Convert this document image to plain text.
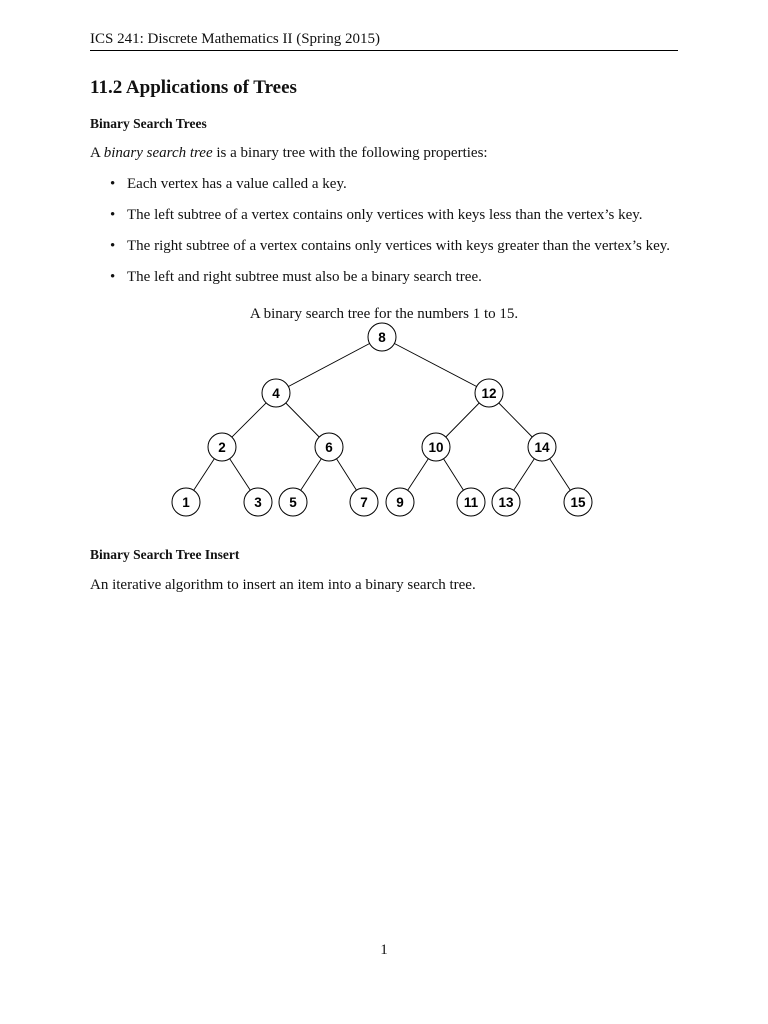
ICS 241: Discrete Mathematics II (Spring 2015)
11.2 Applications of Trees
Binary Search Trees

A binary search tree is a binary tree with the following properties:

• Each vertex has a value called a key.
• The left subtree of a vertex contains only vertices with keys less than the vertex’s key.
• The right subtree of a vertex contains only vertices with keys greater than the vertex’s key.
• The left and right subtree must also be a binary search tree.

A binary search tree for the numbers 1 to 15.

8
4	12
2	6	10	14
1	3 5	7 9	11 13	15
Binary Search Tree Insert

An iterative algorithm to insert an item into a binary search tree.

1
